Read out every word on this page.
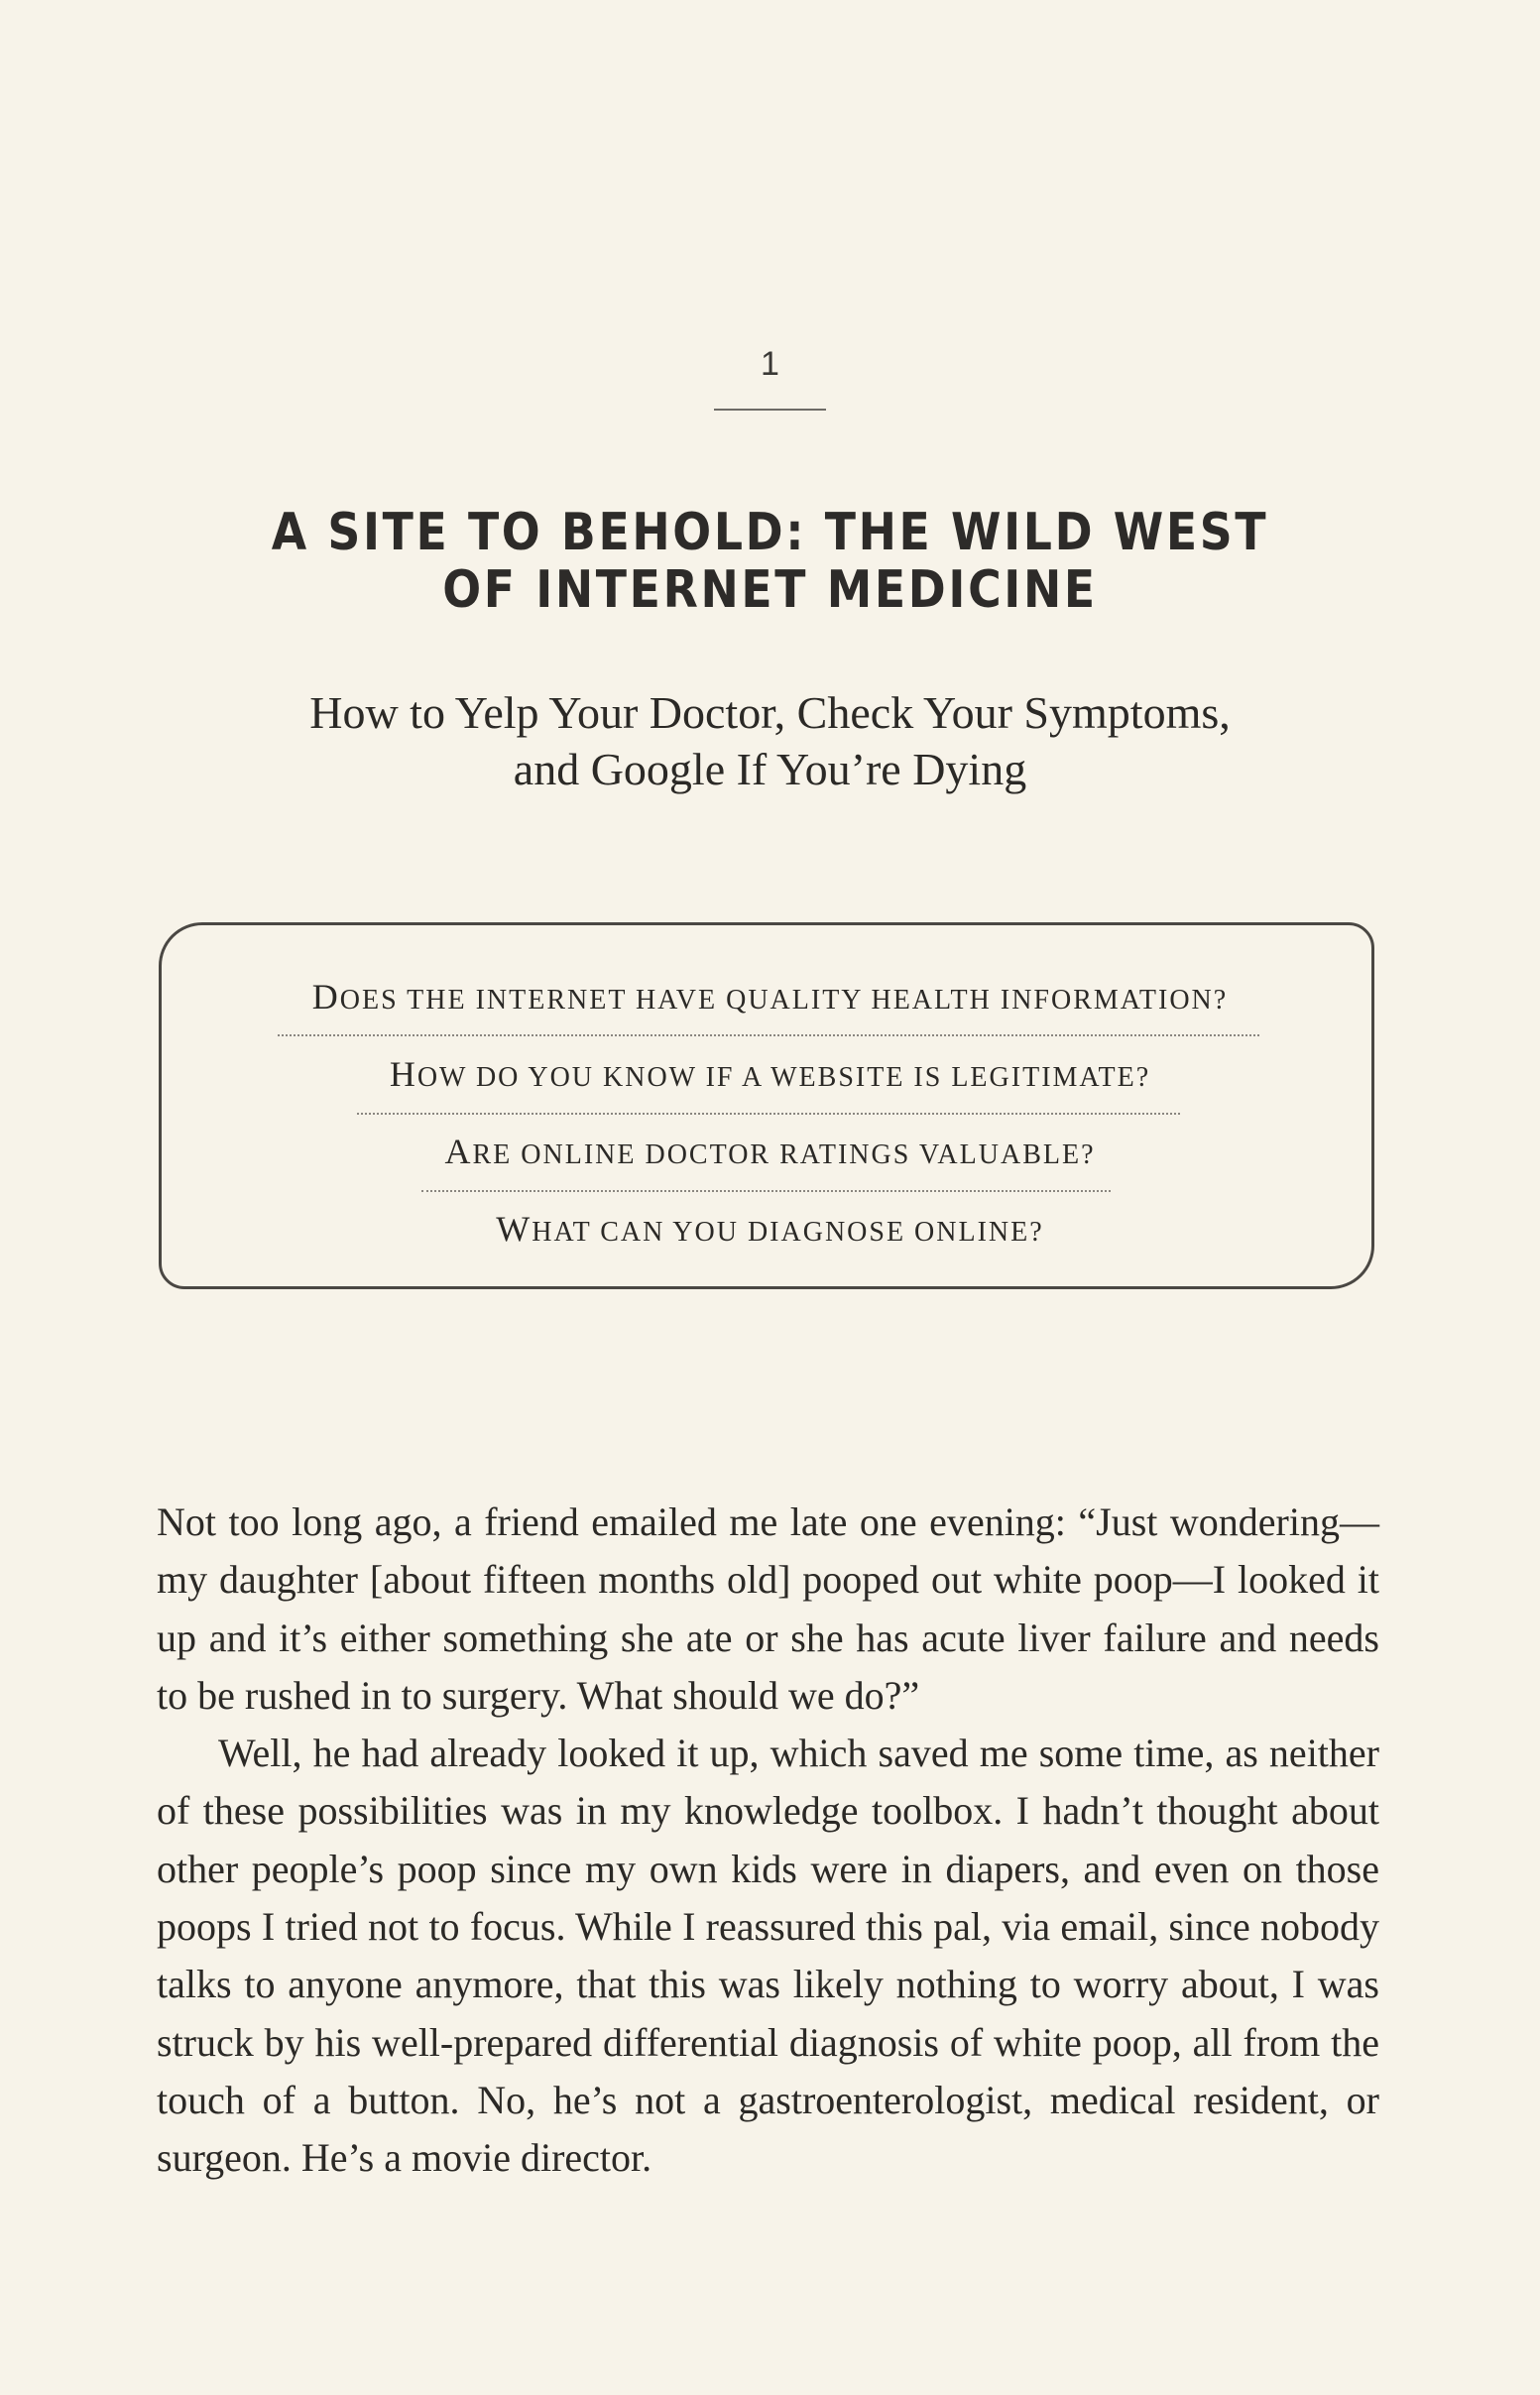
1
A SITE TO BEHOLD: THE WILD WEST
OF INTERNET MEDICINE
How to Yelp Your Doctor, Check Your Symptoms,
and Google If You’re Dying
DOES THE INTERNET HAVE QUALITY HEALTH INFORMATION?
HOW DO YOU KNOW IF A WEBSITE IS LEGITIMATE?
ARE ONLINE DOCTOR RATINGS VALUABLE?
WHAT CAN YOU DIAGNOSE ONLINE?

Not too long ago, a friend emailed me late one evening: “Just wondering—my daughter [about fifteen months old] pooped out white poop—I looked it up and it’s either something she ate or she has acute liver failure and needs to be rushed in to surgery. What should we do?”

Well, he had already looked it up, which saved me some time, as neither of these possibilities was in my knowledge toolbox. I hadn’t thought about other people’s poop since my own kids were in diapers, and even on those poops I tried not to focus. While I reassured this pal, via email, since nobody talks to anyone anymore, that this was likely nothing to worry about, I was struck by his well-prepared differential diagnosis of white poop, all from the touch of a button. No, he’s not a gastroenterologist, medical resident, or surgeon. He’s a movie director.
